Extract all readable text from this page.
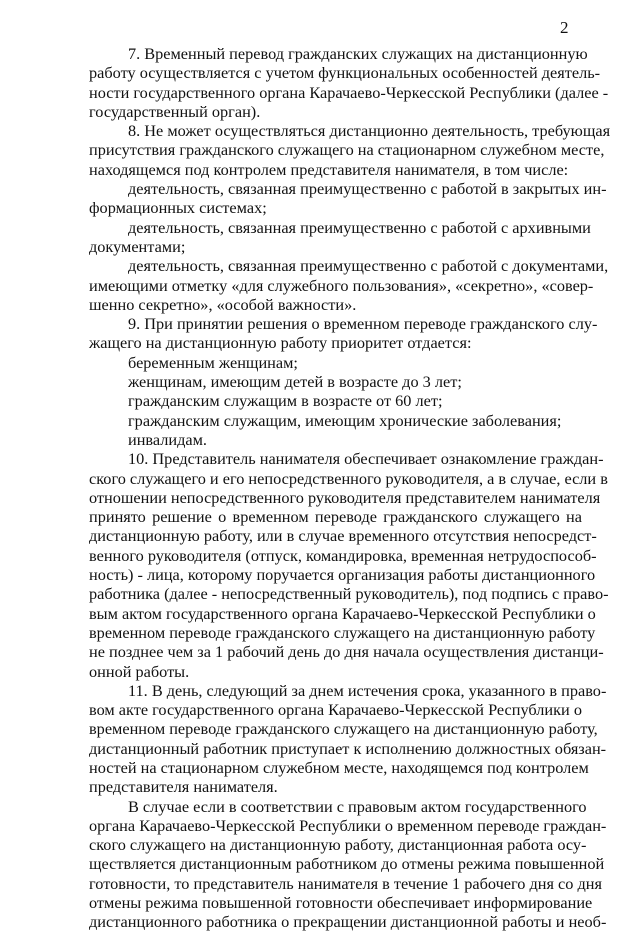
2
7. Временный перевод гражданских служащих на дистанционную
работу осуществляется с учетом функциональных особенностей деятель-
ности государственного органа Карачаево-Черкесской Республики (далее -
государственный орган).
8. Не может осуществляться дистанционно деятельность, требующая
присутствия гражданского служащего на стационарном служебном месте,
находящемся под контролем представителя нанимателя, в том числе:
деятельность, связанная преимущественно с работой в закрытых ин-
формационных системах;
деятельность, связанная преимущественно с работой с архивными
документами;
деятельность, связанная преимущественно с работой с документами,
имеющими отметку «для служебного пользования», «секретно», «совер-
шенно секретно», «особой важности».
9. При принятии решения о временном переводе гражданского слу-
жащего на дистанционную работу приоритет отдается:
беременным женщинам;
женщинам, имеющим детей в возрасте до 3 лет;
гражданским служащим в возрасте от 60 лет;
гражданским служащим, имеющим хронические заболевания;
инвалидам.
10. Представитель нанимателя обеспечивает ознакомление граждан-
ского служащего и его непосредственного руководителя, а в случае, если в
отношении непосредственного руководителя представителем нанимателя
принято решение о временном переводе гражданского служащего на
дистанционную работу, или в случае временного отсутствия непосредст-
венного руководителя (отпуск, командировка, временная нетрудоспособ-
ность) - лица, которому поручается организация работы дистанционного
работника (далее - непосредственный руководитель), под подпись с право-
вым актом государственного органа Карачаево-Черкесской Республики о
временном переводе гражданского служащего на дистанционную работу
не позднее чем за 1 рабочий день до дня начала осуществления дистанци-
онной работы.
11. В день, следующий за днем истечения срока, указанного в право-
вом акте государственного органа Карачаево-Черкесской Республики о
временном переводе гражданского служащего на дистанционную работу,
дистанционный работник приступает к исполнению должностных обязан-
ностей на стационарном служебном месте, находящемся под контролем
представителя нанимателя.
В случае если в соответствии с правовым актом государственного
органа Карачаево-Черкесской Республики о временном переводе граждан-
ского служащего на дистанционную работу, дистанционная работа осу-
ществляется дистанционным работником до отмены режима повышенной
готовности, то представитель нанимателя в течение 1 рабочего дня со дня
отмены режима повышенной готовности обеспечивает информирование
дистанционного работника о прекращении дистанционной работы и необ-
